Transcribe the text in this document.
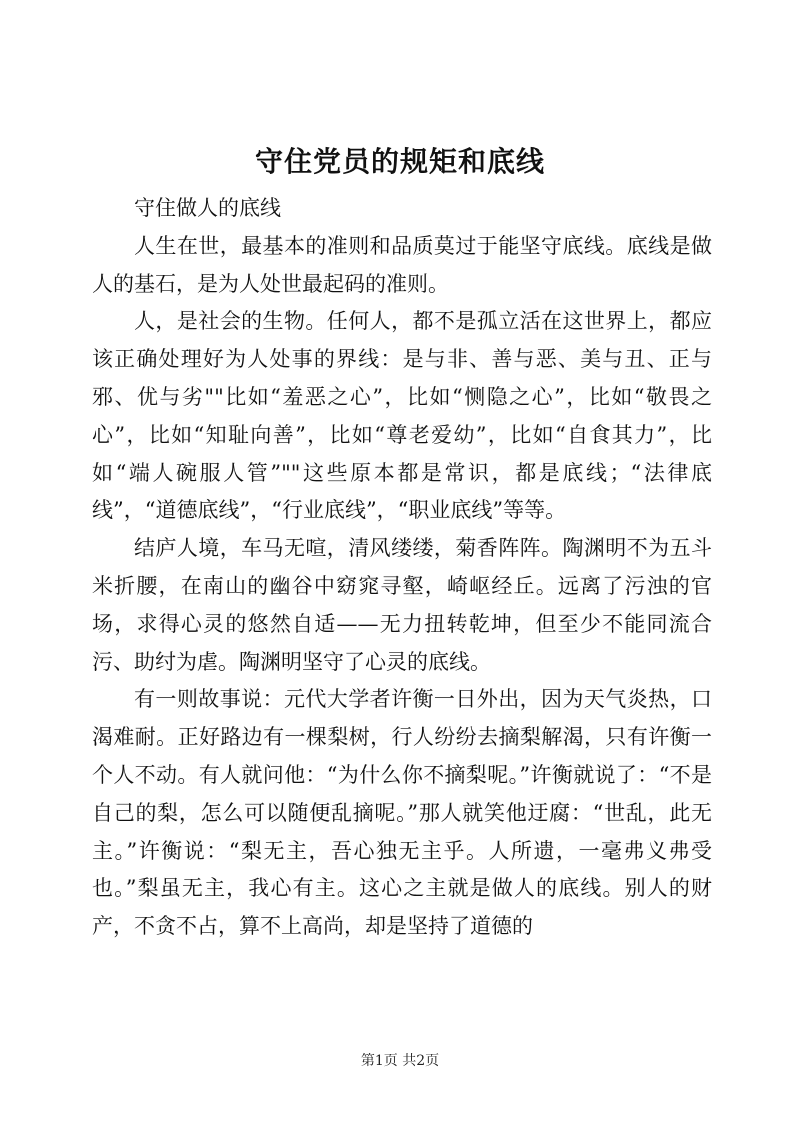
守住党员的规矩和底线

守住做人的底线

人生在世，最基本的准则和品质莫过于能坚守底线。底线是做人的基石，是为人处世最起码的准则。

人，是社会的生物。任何人，都不是孤立活在这世界上，都应该正确处理好为人处事的界线：是与非、善与恶、美与丑、正与邪、优与劣""比如“羞恶之心”，比如“恻隐之心”，比如“敬畏之心”，比如“知耻向善”，比如“尊老爱幼”，比如“自食其力”，比如“端人碗服人管”""这些原本都是常识，都是底线；“法律底线”，“道德底线”，“行业底线”，“职业底线”等等。

结庐人境，车马无喧，清风缕缕，菊香阵阵。陶渊明不为五斗米折腰，在南山的幽谷中窈窕寻壑，崎岖经丘。远离了污浊的官场，求得心灵的悠然自适——无力扭转乾坤，但至少不能同流合污、助纣为虐。陶渊明坚守了心灵的底线。

有一则故事说：元代大学者许衡一日外出，因为天气炎热，口渴难耐。正好路边有一棵梨树，行人纷纷去摘梨解渴，只有许衡一个人不动。有人就问他：“为什么你不摘梨呢。”许衡就说了：“不是自己的梨，怎么可以随便乱摘呢。”那人就笑他迂腐：“世乱，此无主。”许衡说：“梨无主，吾心独无主乎。人所遗，一毫弗义弗受也。”梨虽无主，我心有主。这心之主就是做人的底线。别人的财产，不贪不占，算不上高尚，却是坚持了道德的

第1页 共2页
